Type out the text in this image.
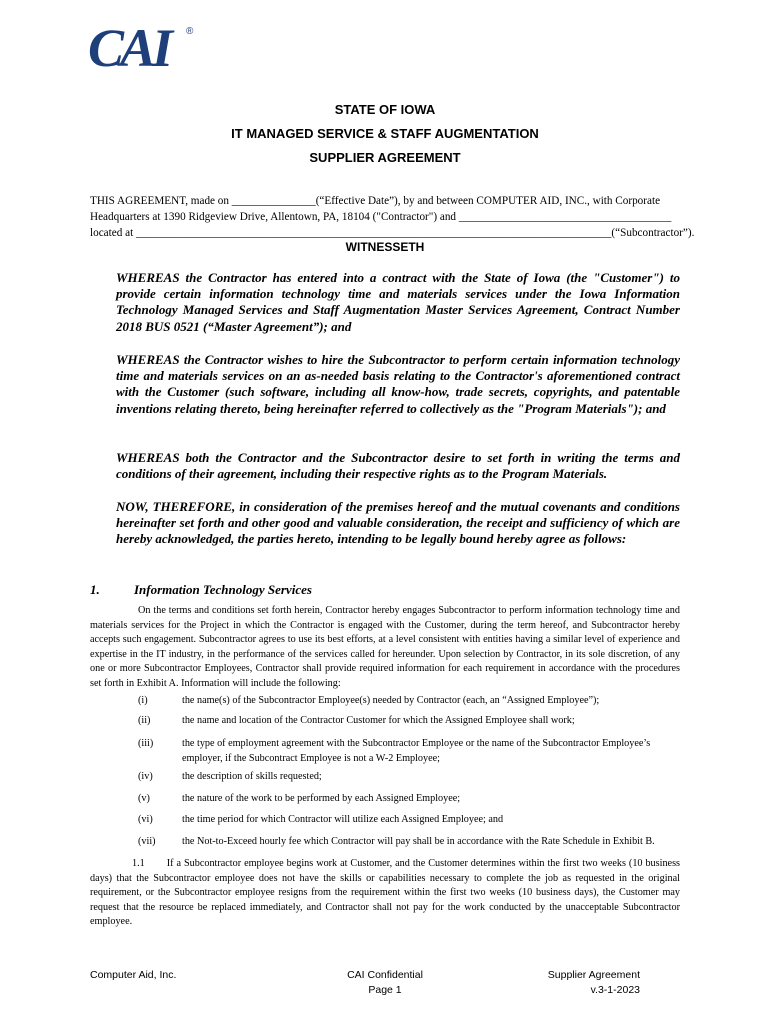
CAI ®
STATE OF IOWA
IT MANAGED SERVICE & STAFF AUGMENTATION
SUPPLIER AGREEMENT
THIS AGREEMENT, made on _______________(“Effective Date”), by and between COMPUTER AID, INC., with Corporate
Headquarters at 1390 Ridgeview Drive, Allentown, PA, 18104 ("Contractor") and ______________________________________
located at _____________________________________________________________________________________(“Subcontractor”).
WITNESSETH
WHEREAS the Contractor has entered into a contract with the State of Iowa (the "Customer") to provide certain information technology time and materials services under the Iowa Information Technology Managed Services and Staff Augmentation Master Services Agreement, Contract Number 2018 BUS 0521 (“Master Agreement”); and
WHEREAS the Contractor wishes to hire the Subcontractor to perform certain information technology time and materials services on an as-needed basis relating to the Contractor's aforementioned contract with the Customer (such software, including all know-how, trade secrets, copyrights, and patentable inventions relating thereto, being hereinafter referred to collectively as the "Program Materials"); and
WHEREAS both the Contractor and the Subcontractor desire to set forth in writing the terms and conditions of their agreement, including their respective rights as to the Program Materials.
NOW, THEREFORE, in consideration of the premises hereof and the mutual covenants and conditions hereinafter set forth and other good and valuable consideration, the receipt and sufficiency of which are hereby acknowledged, the parties hereto, intending to be legally bound hereby agree as follows:
1.	Information Technology Services
On the terms and conditions set forth herein, Contractor hereby engages Subcontractor to perform information technology time and materials services for the Project in which the Contractor is engaged with the Customer, during the term hereof, and Subcontractor hereby accepts such engagement. Subcontractor agrees to use its best efforts, at a level consistent with entities having a similar level of experience and expertise in the IT industry, in the performance of the services called for hereunder. Upon selection by Contractor, in its sole discretion, of any one or more Subcontractor Employees, Contractor shall provide required information for each requirement in accordance with the procedures set forth in Exhibit A. Information will include the following:
(i)	the name(s) of the Subcontractor Employee(s) needed by Contractor (each, an “Assigned Employee”);
(ii)	the name and location of the Contractor Customer for which the Assigned Employee shall work;
(iii)	the type of employment agreement with the Subcontractor Employee or the name of the Subcontractor Employee’s employer, if the Subcontract Employee is not a W-2 Employee;
(iv)	the description of skills requested;
(v)	the nature of the work to be performed by each Assigned Employee;
(vi)	the time period for which Contractor will utilize each Assigned Employee; and
(vii)	the Not-to-Exceed hourly fee which Contractor will pay shall be in accordance with the Rate Schedule in Exhibit B.
1.1 If a Subcontractor employee begins work at Customer, and the Customer determines within the first two weeks (10 business days) that the Subcontractor employee does not have the skills or capabilities necessary to complete the job as requested in the original requirement, or the Subcontractor employee resigns from the requirement within the first two weeks (10 business days), the Customer may request that the resource be replaced immediately, and Contractor shall not pay for the work conducted by the unacceptable Subcontractor employee.
Computer Aid, Inc.	CAI Confidential
Page 1
Supplier Agreement
v.3-1-2023
